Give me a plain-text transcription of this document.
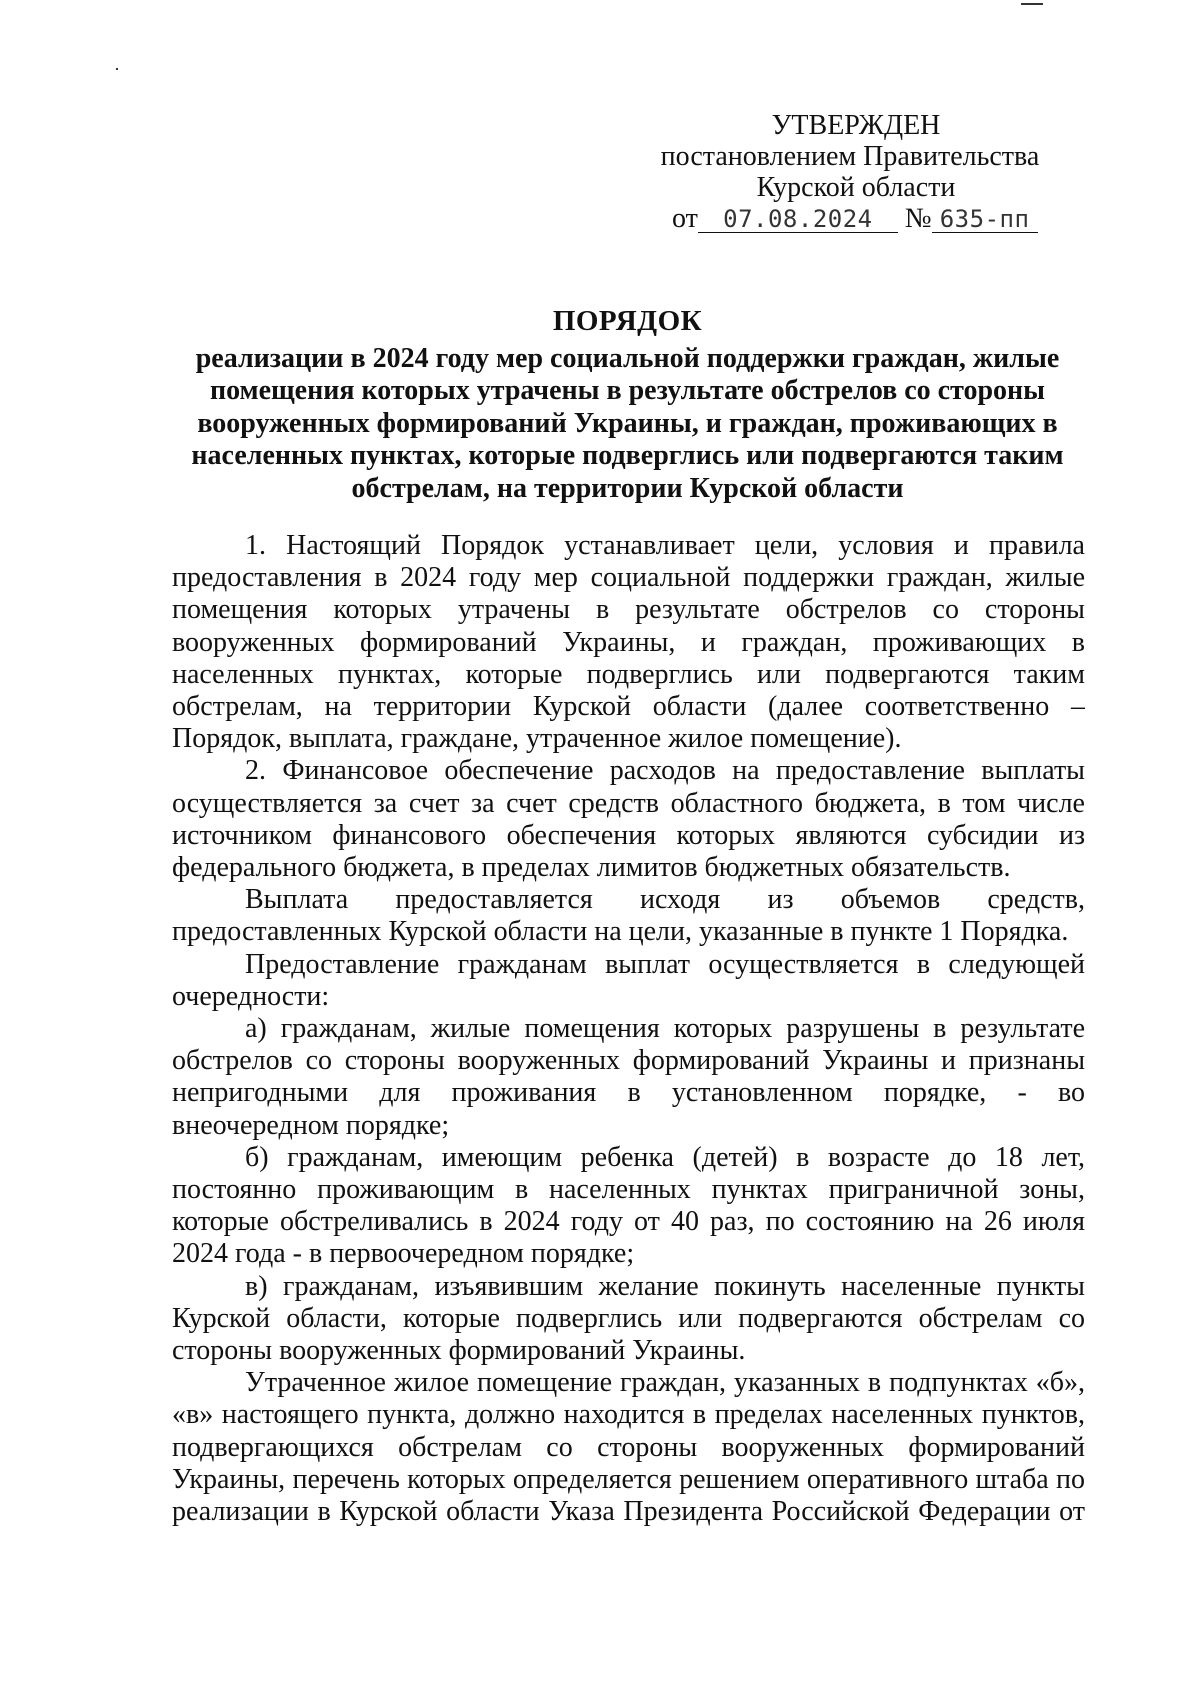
УТВЕРЖДЕН
постановлением Правительства
Курской области
от 07.08.2024 № 635-пп
ПОРЯДОК
реализации в 2024 году мер социальной поддержки граждан, жилые
помещения которых утрачены в результате обстрелов со стороны
вооруженных формирований Украины, и граждан, проживающих в
населенных пунктах, которые подверглись или подвергаются таким
обстрелам, на территории Курской области
1. Настоящий Порядок устанавливает цели, условия и правила
предоставления в 2024 году мер социальной поддержки граждан, жилые
помещения которых утрачены в результате обстрелов со стороны
вооруженных формирований Украины, и граждан, проживающих в
населенных пунктах, которые подверглись или подвергаются таким
обстрелам, на территории Курской области (далее соответственно –
Порядок, выплата, граждане, утраченное жилое помещение).
2. Финансовое обеспечение расходов на предоставление выплаты
осуществляется за счет за счет средств областного бюджета, в том числе
источником финансового обеспечения которых являются субсидии из
федерального бюджета, в пределах лимитов бюджетных обязательств.
Выплата предоставляется исходя из объемов средств,
предоставленных Курской области на цели, указанные в пункте 1 Порядка.
Предоставление гражданам выплат осуществляется в следующей
очередности:
а) гражданам, жилые помещения которых разрушены в результате
обстрелов со стороны вооруженных формирований Украины и признаны
непригодными для проживания в установленном порядке, - во
внеочередном порядке;
б) гражданам, имеющим ребенка (детей) в возрасте до 18 лет,
постоянно проживающим в населенных пунктах приграничной зоны,
которые обстреливались в 2024 году от 40 раз, по состоянию на 26 июля
2024 года - в первоочередном порядке;
в) гражданам, изъявившим желание покинуть населенные пункты
Курской области, которые подверглись или подвергаются обстрелам со
стороны вооруженных формирований Украины.
Утраченное жилое помещение граждан, указанных в подпунктах «б»,
«в» настоящего пункта, должно находится в пределах населенных пунктов,
подвергающихся обстрелам со стороны вооруженных формирований
Украины, перечень которых определяется решением оперативного штаба по
реализации в Курской области Указа Президента Российской Федерации от
